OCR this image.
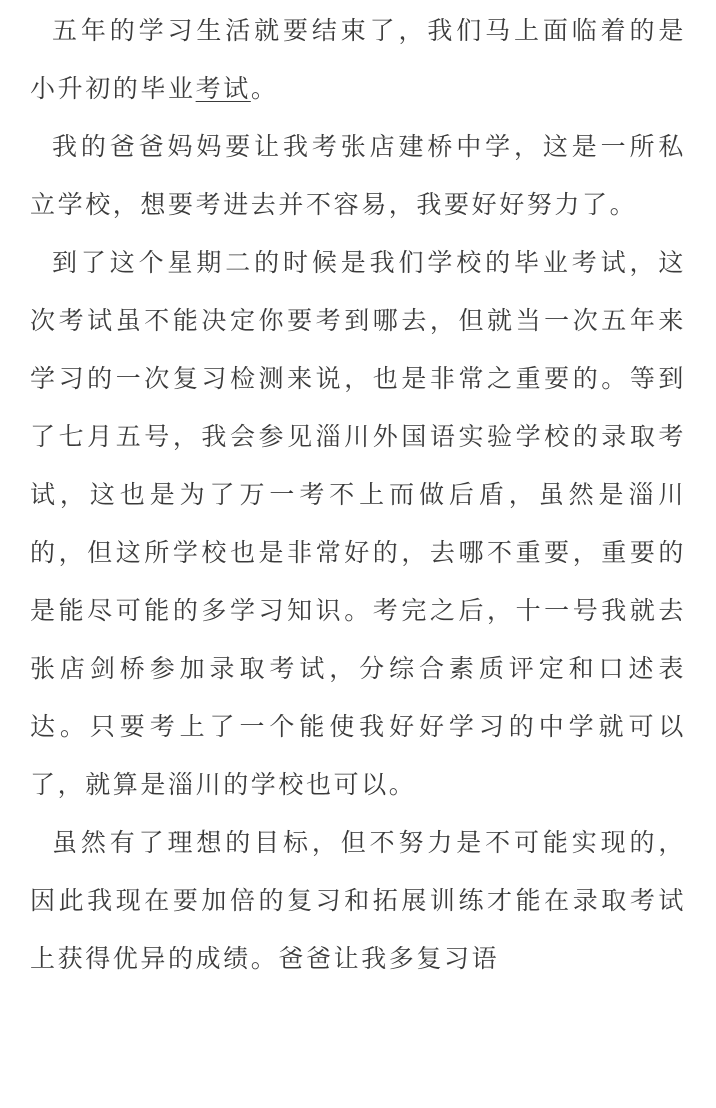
五年的学习生活就要结束了，我们马上面临着的是小升初的毕业考试。

我的爸爸妈妈要让我考张店建桥中学，这是一所私立学校，想要考进去并不容易，我要好好努力了。

到了这个星期二的时候是我们学校的毕业考试，这次考试虽不能决定你要考到哪去，但就当一次五年来学习的一次复习检测来说，也是非常之重要的。等到了七月五号，我会参见淄川外国语实验学校的录取考试，这也是为了万一考不上而做后盾，虽然是淄川的，但这所学校也是非常好的，去哪不重要，重要的是能尽可能的多学习知识。考完之后，十一号我就去张店剑桥参加录取考试，分综合素质评定和口述表达。只要考上了一个能使我好好学习的中学就可以了，就算是淄川的学校也可以。

虽然有了理想的目标，但不努力是不可能实现的，因此我现在要加倍的复习和拓展训练才能在录取考试上获得优异的成绩。爸爸让我多复习语
